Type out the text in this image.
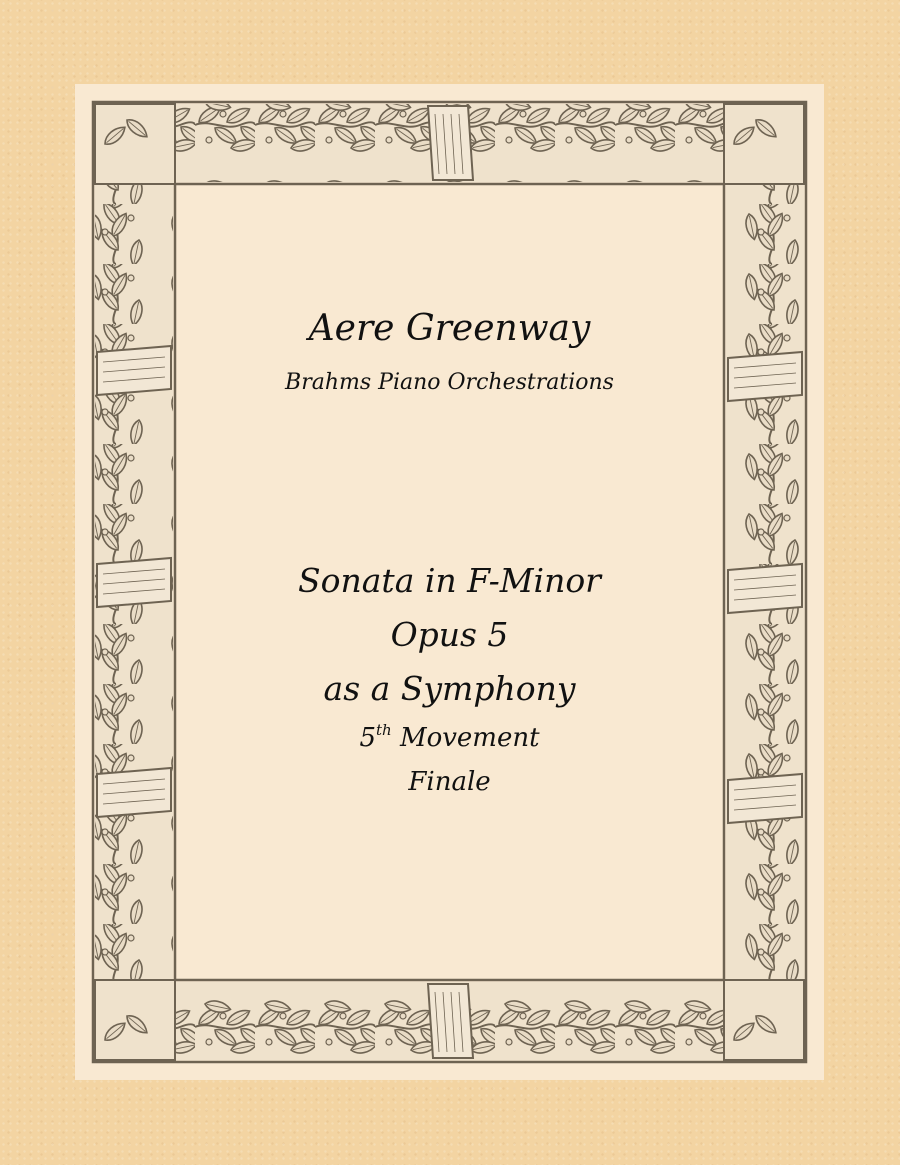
Aere Greenway
Brahms Piano Orchestrations
Sonata in F-Minor
Opus 5
as a Symphony
5th Movement
Finale
